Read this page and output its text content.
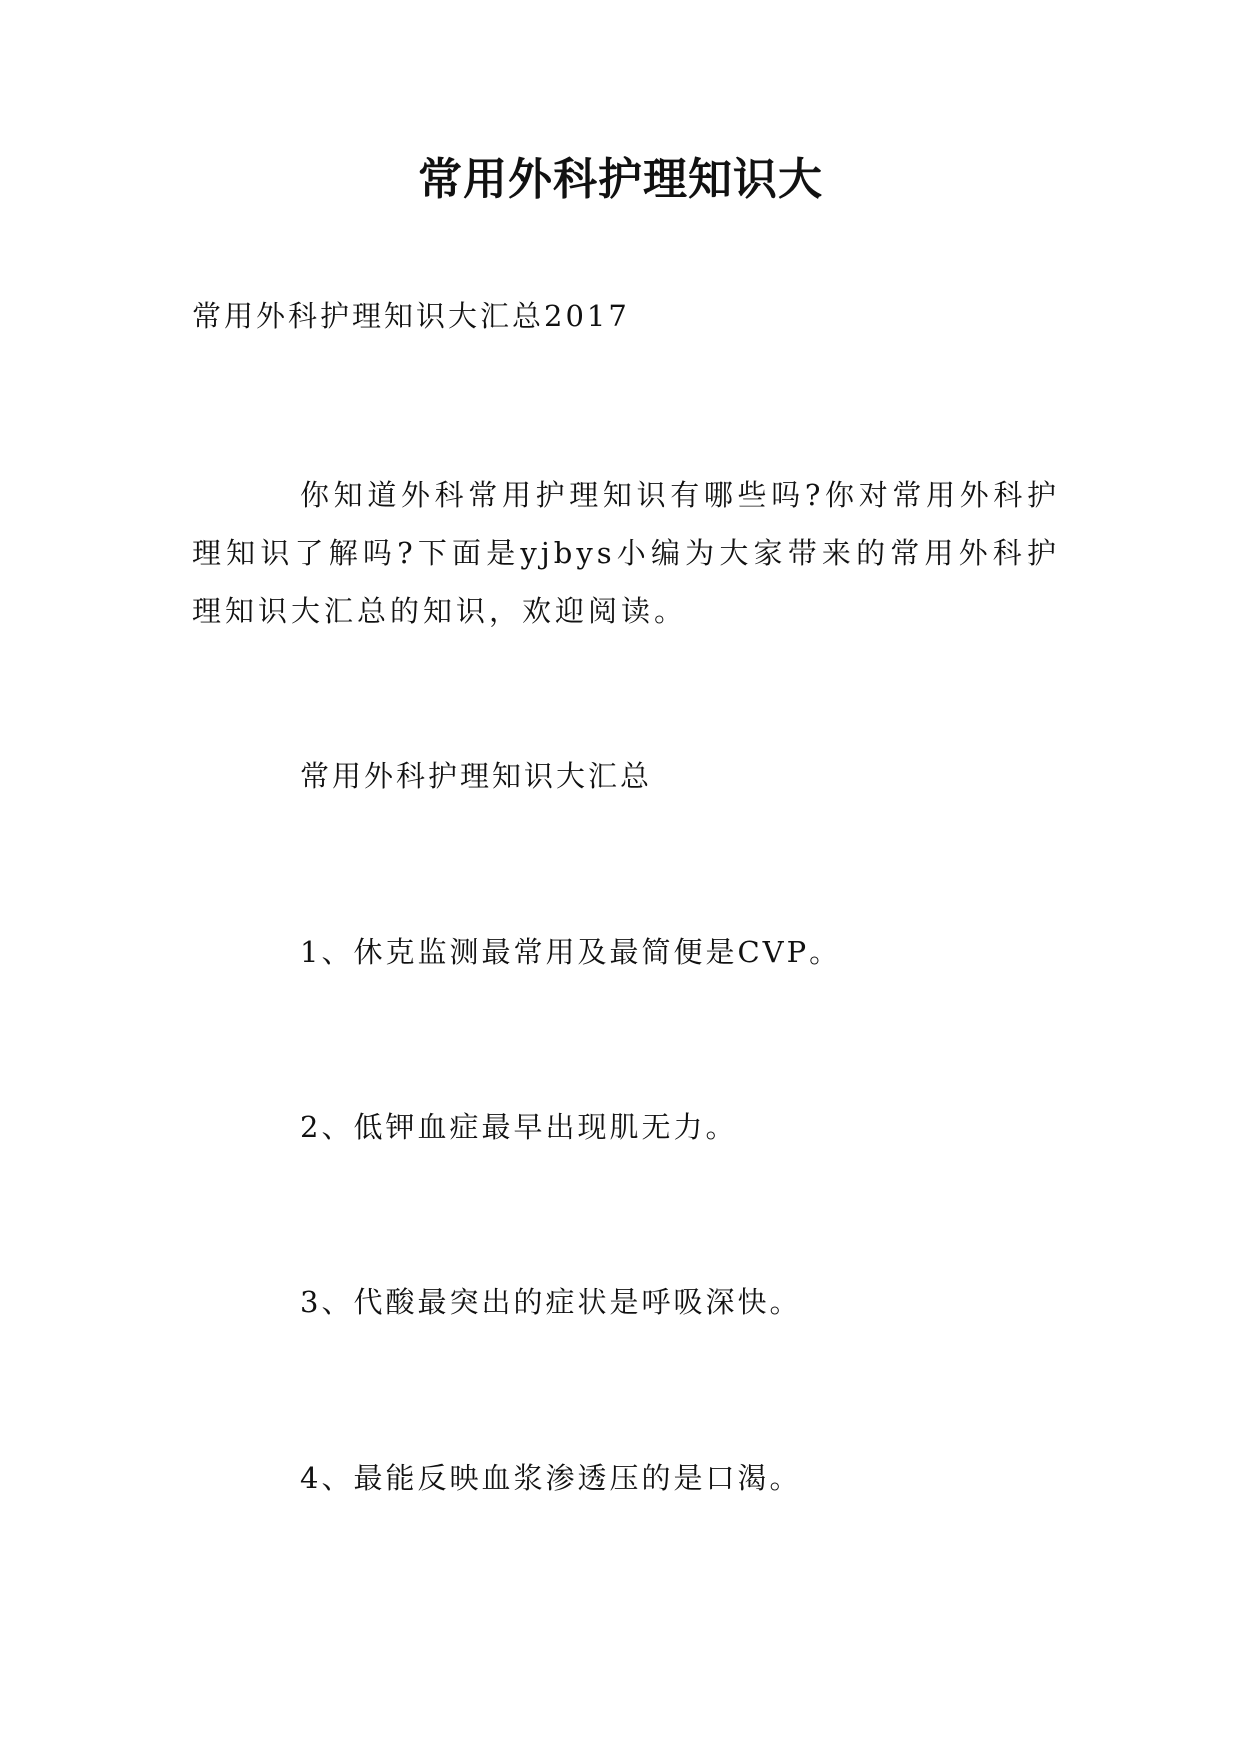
常用外科护理知识大
常用外科护理知识大汇总2017
你知道外科常用护理知识有哪些吗?你对常用外科护理知识了解吗?下面是yjbys小编为大家带来的常用外科护理知识大汇总的知识，欢迎阅读。
常用外科护理知识大汇总
1、休克监测最常用及最简便是CVP。
2、低钾血症最早出现肌无力。
3、代酸最突出的症状是呼吸深快。
4、最能反映血浆渗透压的是口渴。
